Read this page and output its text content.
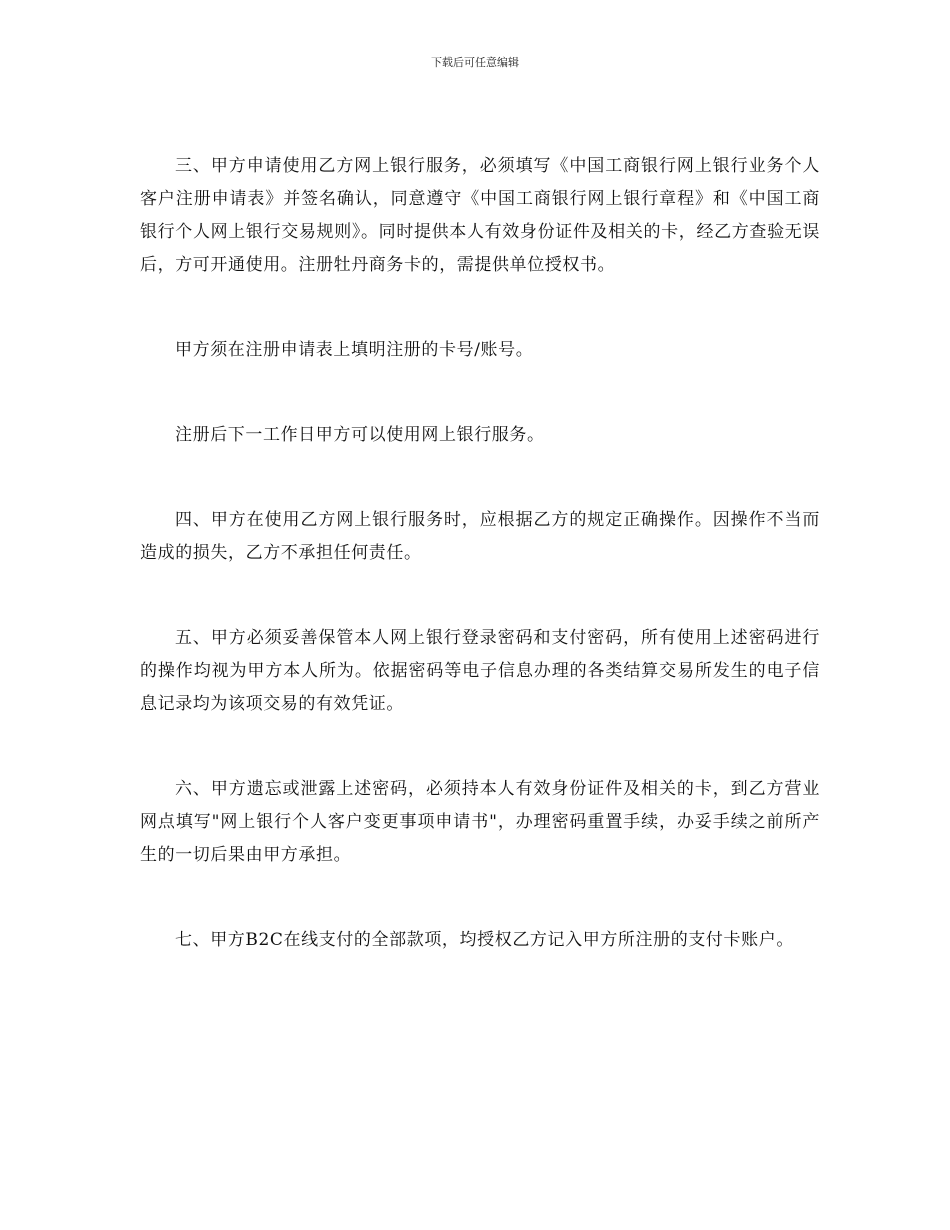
下载后可任意编辑

三、甲方申请使用乙方网上银行服务，必须填写《中国工商银行网上银行业务个人客户注册申请表》并签名确认，同意遵守《中国工商银行网上银行章程》和《中国工商银行个人网上银行交易规则》。同时提供本人有效身份证件及相关的卡，经乙方查验无误后，方可开通使用。注册牡丹商务卡的，需提供单位授权书。

甲方须在注册申请表上填明注册的卡号/账号。

注册后下一工作日甲方可以使用网上银行服务。

四、甲方在使用乙方网上银行服务时，应根据乙方的规定正确操作。因操作不当而造成的损失，乙方不承担任何责任。

五、甲方必须妥善保管本人网上银行登录密码和支付密码，所有使用上述密码进行的操作均视为甲方本人所为。依据密码等电子信息办理的各类结算交易所发生的电子信息记录均为该项交易的有效凭证。

六、甲方遗忘或泄露上述密码，必须持本人有效身份证件及相关的卡，到乙方营业网点填写"网上银行个人客户变更事项申请书"，办理密码重置手续，办妥手续之前所产生的一切后果由甲方承担。

七、甲方B2C在线支付的全部款项，均授权乙方记入甲方所注册的支付卡账户。
